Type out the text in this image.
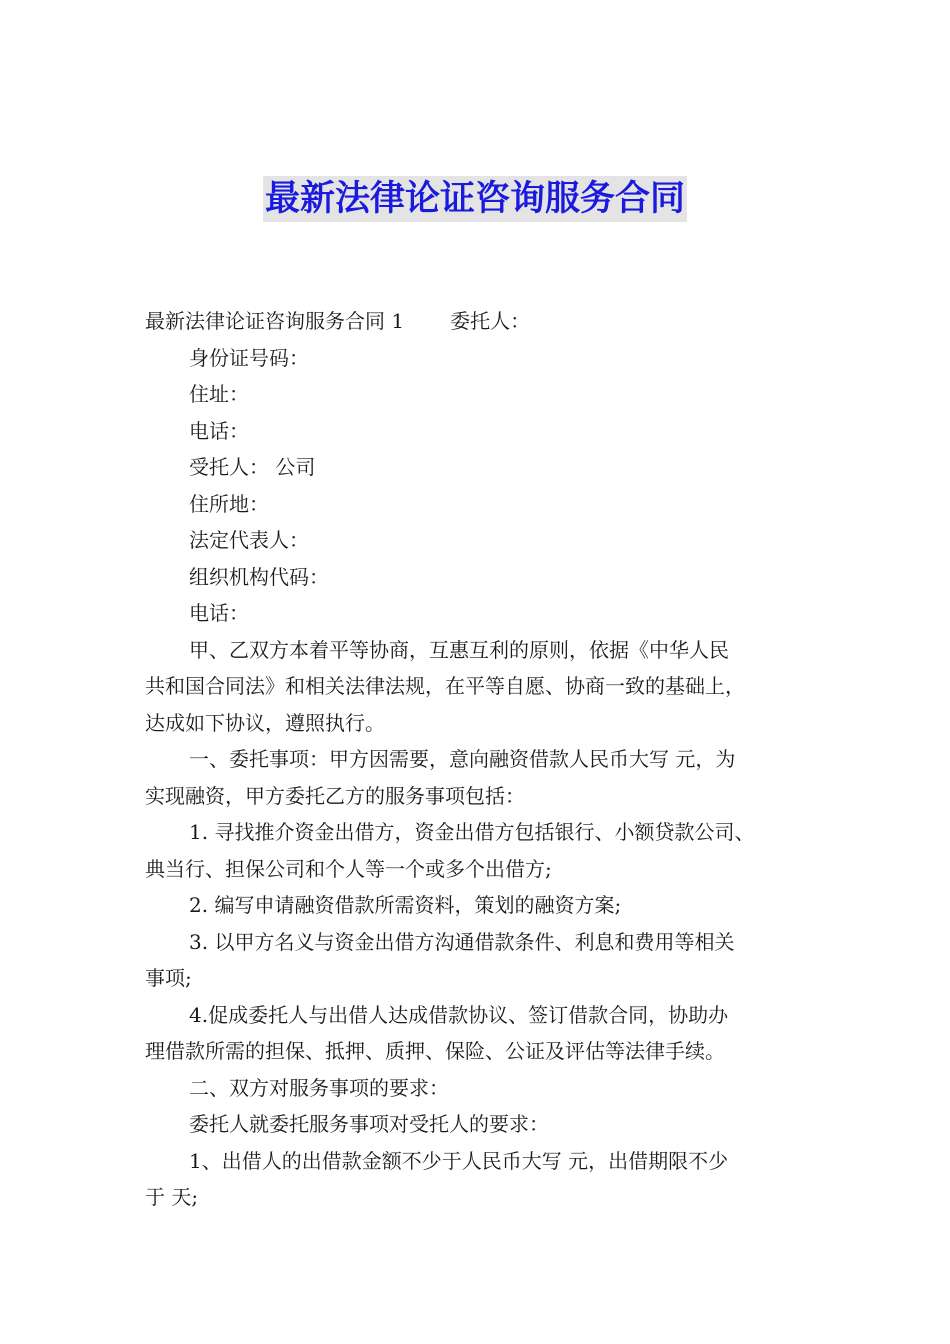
最新法律论证咨询服务合同
最新法律论证咨询服务合同 1 委托人：
身份证号码：
住址：
电话：
受托人： 公司
住所地：
法定代表人：
组织机构代码：
电话：
甲、乙双方本着平等协商，互惠互利的原则，依据《中华人民
共和国合同法》和相关法律法规，在平等自愿、协商一致的基础上，
达成如下协议，遵照执行。
一、委托事项：甲方因需要，意向融资借款人民币大写 元，为
实现融资，甲方委托乙方的服务事项包括：
1. 寻找推介资金出借方，资金出借方包括银行、小额贷款公司、
典当行、担保公司和个人等一个或多个出借方;
2. 编写申请融资借款所需资料，策划的融资方案;
3. 以甲方名义与资金出借方沟通借款条件、利息和费用等相关
事项;
4.促成委托人与出借人达成借款协议、签订借款合同，协助办
理借款所需的担保、抵押、质押、保险、公证及评估等法律手续。
二、双方对服务事项的要求：
委托人就委托服务事项对受托人的要求：
1、出借人的出借款金额不少于人民币大写 元，出借期限不少
于 天;
